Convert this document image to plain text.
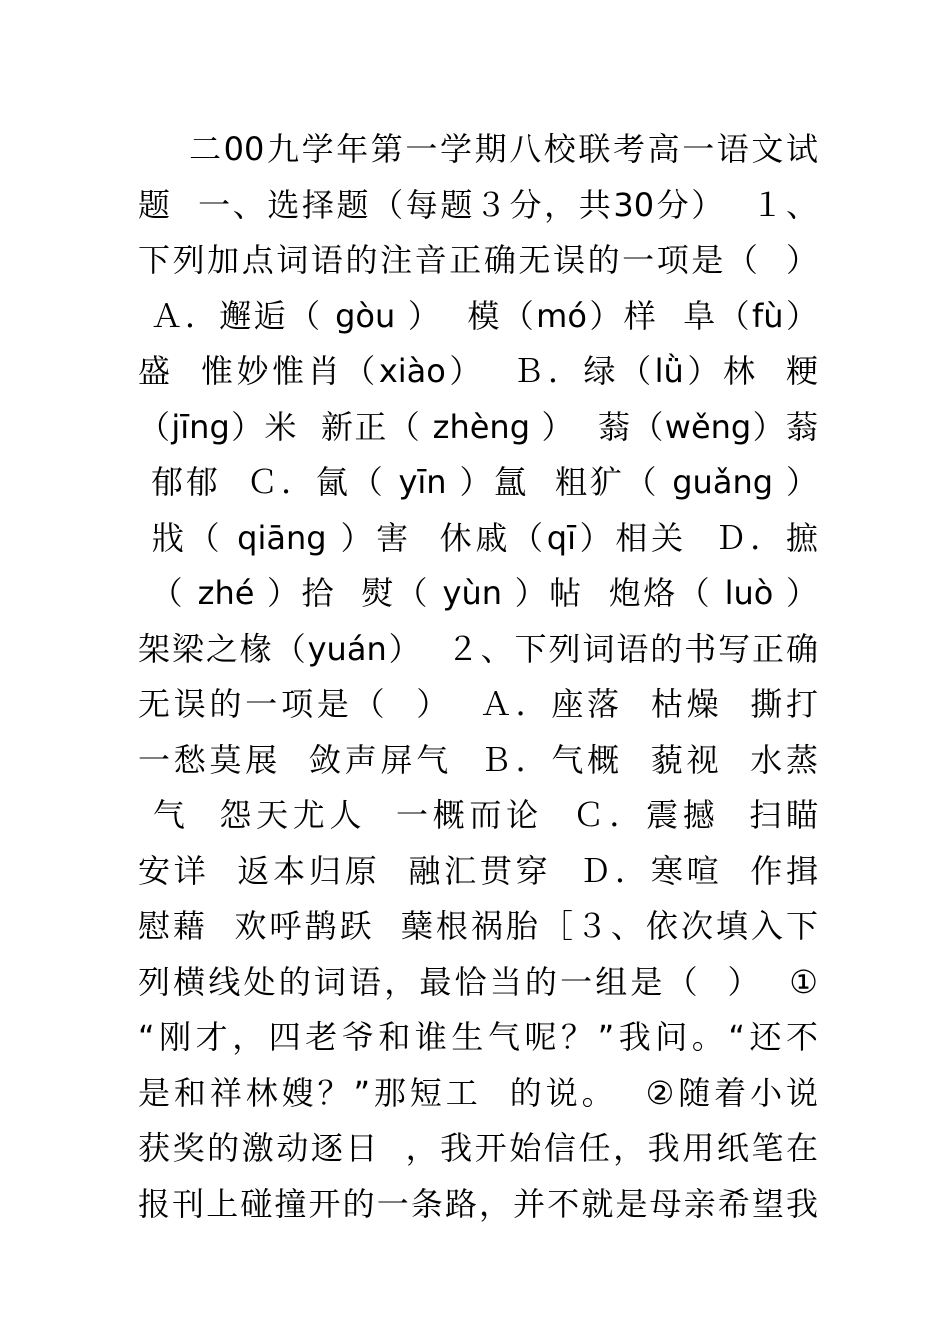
二00九学年第一学期八校联考高一语文试
题  一、选择题（每题３分，共30分）  １、
下列加点词语的注音正确无误的一项是（  ）
Ａ．邂逅（ gòu ）  模（mó）样  阜（fù）
盛  惟妙惟肖（xiào）  Ｂ．绿（lǜ）林  粳
（jīng）米  新正（ zhèng ）  蓊（wěng）蓊
郁郁  Ｃ．氤（ yīn ）氲  粗犷（ guǎng ）
戕（ qiāng ）害  休戚（qī）相关  Ｄ．摭
（ zhé ）拾  熨（ yùn ）帖  炮烙（ luò ）
架梁之椽（yuán）  ２、下列词语的书写正确
无误的一项是（  ）  Ａ．座落  枯燥  撕打
一愁莫展  敛声屏气  Ｂ．气概  藐视  水蒸
气  怨天尤人  一概而论  Ｃ．震撼  扫瞄
安详  返本归原  融汇贯穿  Ｄ．寒喧  作揖
慰藉  欢呼鹊跃  蘖根祸胎［３、依次填入下
列横线处的词语，最恰当的一组是（  ）  ①
“刚才，四老爷和谁生气呢？”我问。“还不
是和祥林嫂？”那短工  的说。  ②随着小说
获奖的激动逐日  ，我开始信任，我用纸笔在
报刊上碰撞开的一条路，并不就是母亲希望我
